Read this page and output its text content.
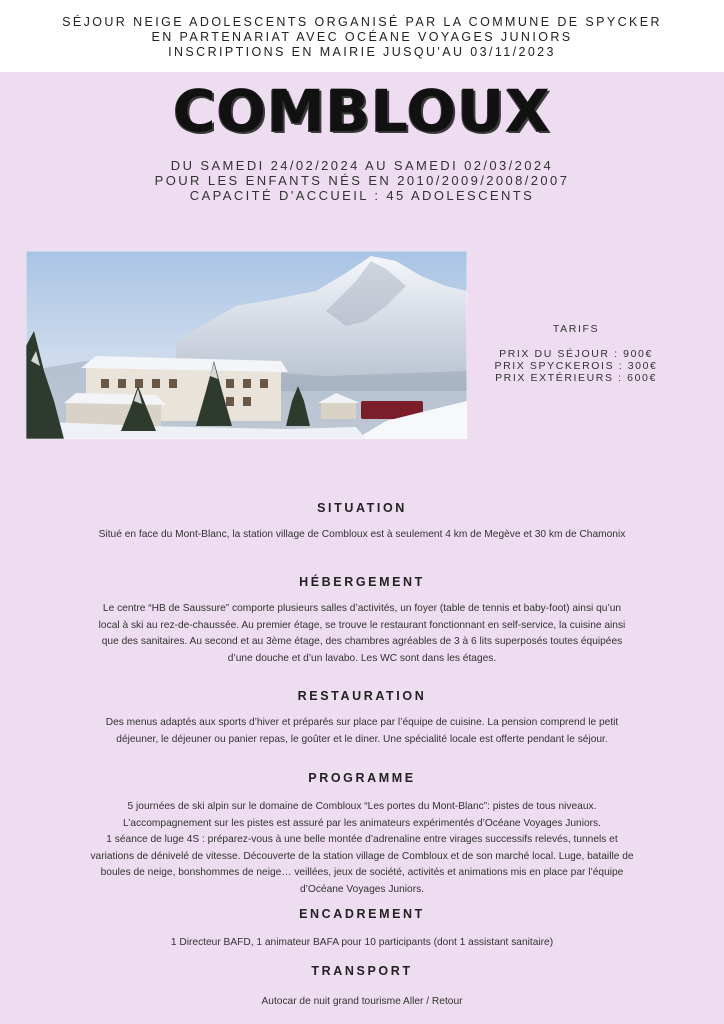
SÉJOUR NEIGE ADOLESCENTS ORGANISÉ PAR LA COMMUNE DE SPYCKER
EN PARTENARIAT AVEC OCÉANE VOYAGES JUNIORS
INSCRIPTIONS EN MAIRIE JUSQU'AU 03/11/2023
COMBLOUX
DU SAMEDI 24/02/2024 AU SAMEDI 02/03/2024
POUR LES ENFANTS NÉS EN 2010/2009/2008/2007
CAPACITÉ D'ACCUEIL : 45 ADOLESCENTS
TARIFS
PRIX DU SÉJOUR : 900€
PRIX SPYCKEROIS : 300€
PRIX EXTÉRIEURS : 600€
SITUATION
Situé en face du Mont-Blanc, la station village de Combloux est à seulement 4 km de Megève et 30 km de Chamonix
HÉBERGEMENT
Le centre “HB de Saussure” comporte plusieurs salles d’activités, un foyer (table de tennis et baby-foot) ainsi qu’un
local à ski au rez-de-chaussée. Au premier étage, se trouve le restaurant fonctionnant en self-service, la cuisine ainsi
que des sanitaires. Au second et au 3ème étage, des chambres agréables de 3 à 6 lits superposés toutes équipées
d’une douche et d’un lavabo. Les WC sont dans les étages.
RESTAURATION
Des menus adaptés aux sports d’hiver et préparés sur place par l’équipe de cuisine. La pension comprend le petit
déjeuner, le déjeuner ou panier repas, le goûter et le diner. Une spécialité locale est offerte pendant le séjour.
PROGRAMME
5 journées de ski alpin sur le domaine de Combloux “Les portes du Mont-Blanc”: pistes de tous niveaux.
L’accompagnement sur les pistes est assuré par les animateurs expérimentés d’Océane Voyages Juniors.
1 séance de luge 4S : préparez-vous à une belle montée d’adrenaline entre virages successifs relevés, tunnels et
variations de dénivelé de vitesse. Découverte de la station village de Combloux et de son marché local. Luge, bataille de
boules de neige, bonshommes de neige… veillées, jeux de société, activités et animations mis en place par l’équipe
d’Océane Voyages Juniors.
ENCADREMENT
1 Directeur BAFD, 1 animateur BAFA pour 10 participants (dont 1 assistant sanitaire)
TRANSPORT
Autocar de nuit grand tourisme Aller / Retour
